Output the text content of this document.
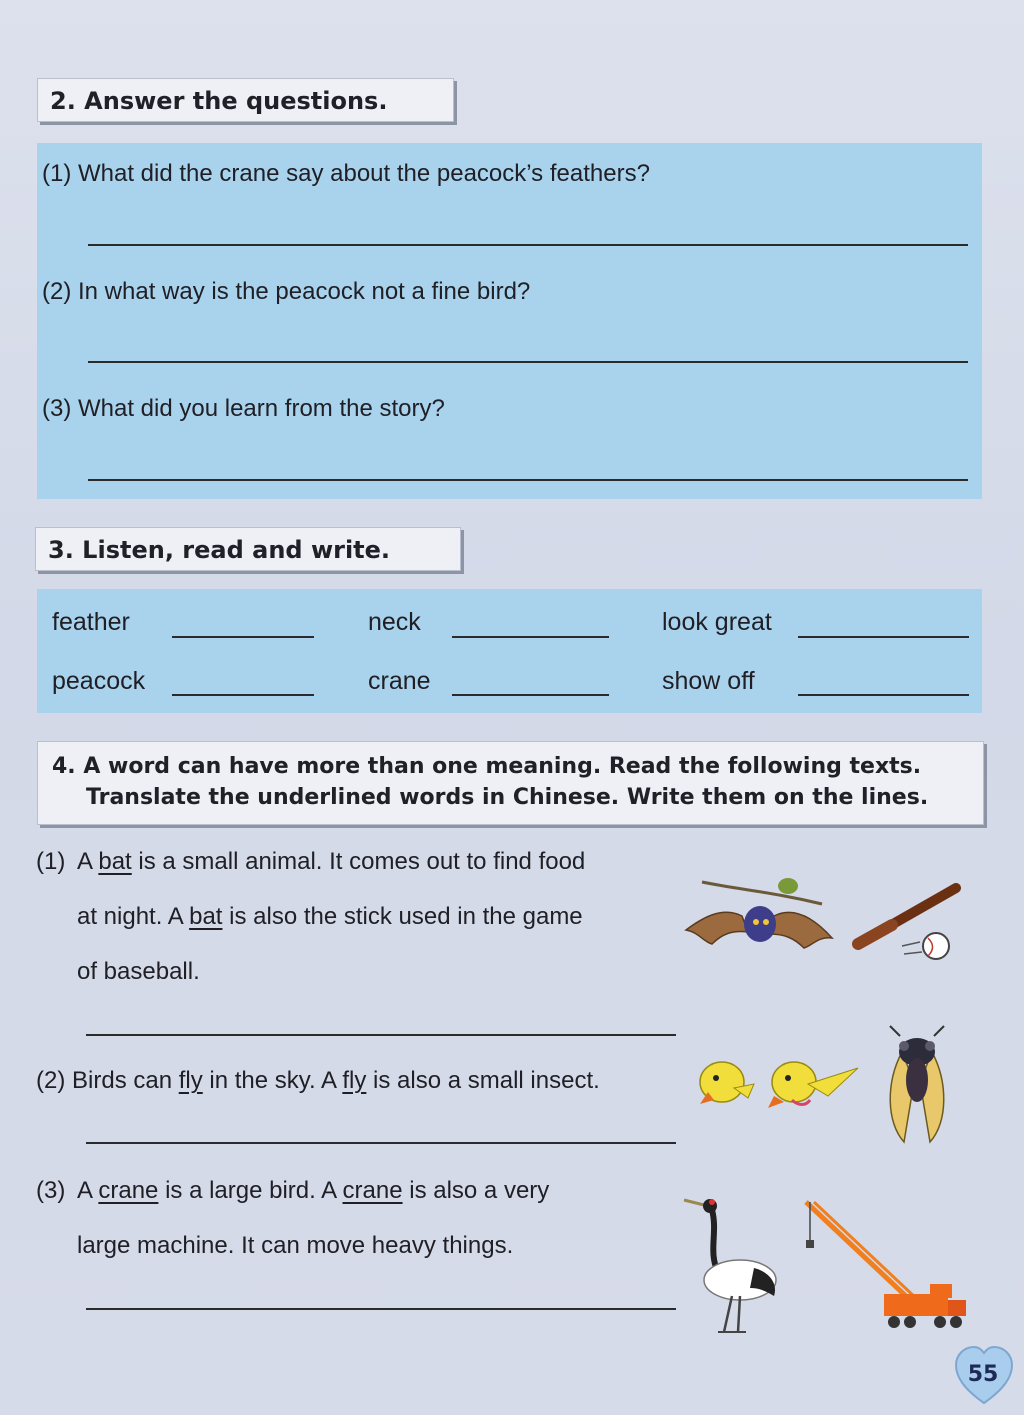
2. Answer the questions.
(1) What did the crane say about the peacock’s feathers?
(2) In what way is the peacock not a fine bird?
(3) What did you learn from the story?
3. Listen, read and write.
feather	neck	look great
peacock	crane	show off
4. A word can have more than one meaning. Read the following texts.
Translate the underlined words in Chinese. Write them on the lines.
(1) A bat is a small animal. It comes out to find food
at night. A bat is also the stick used in the game
of baseball.
(2) Birds can fly in the sky. A fly is also a small insect.
(3) A crane is a large bird. A crane is also a very
large machine. It can move heavy things.
55
